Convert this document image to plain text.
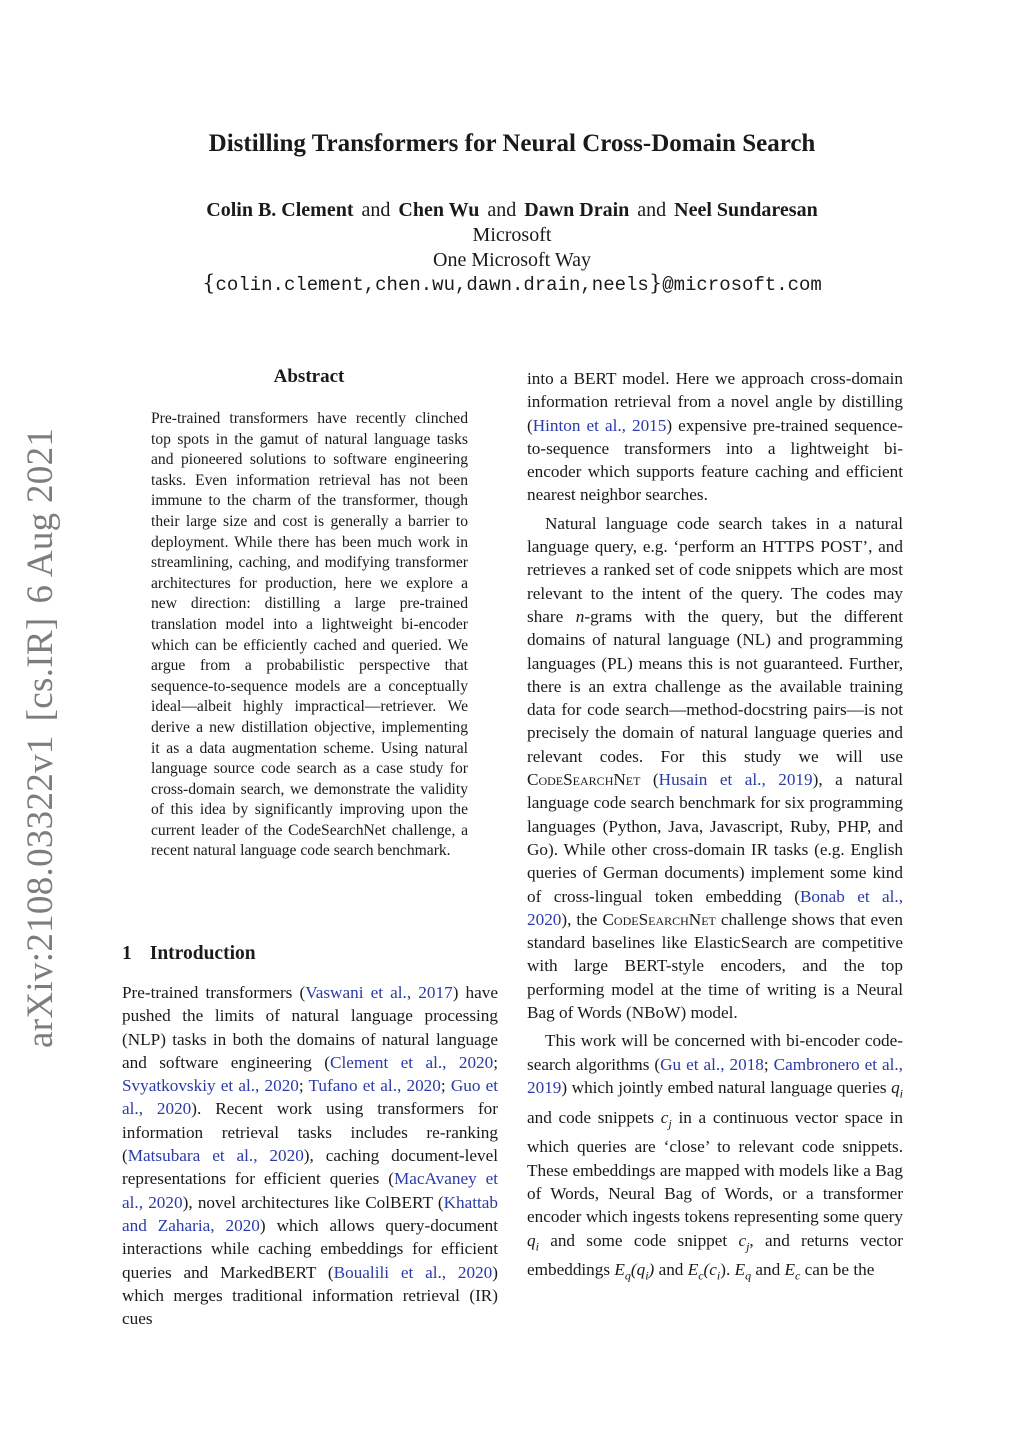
arXiv:2108.03322v1[cs.IR]6 Aug 2021
Distilling Transformers for Neural Cross-Domain Search
Colin B. Clement and Chen Wu and Dawn Drain and Neel Sundaresan
Microsoft
One Microsoft Way
{colin.clement,chen.wu,dawn.drain,neels}@microsoft.com
Abstract
Pre-trained transformers have recently clinched top spots in the gamut of natural language tasks and pioneered solutions to software engineering tasks. Even information retrieval has not been immune to the charm of the transformer, though their large size and cost is generally a barrier to deployment. While there has been much work in streamlining, caching, and modifying transformer architectures for production, here we explore a new direction: distilling a large pre-trained translation model into a lightweight bi-encoder which can be efficiently cached and queried. We argue from a probabilistic perspective that sequence-to-sequence models are a conceptually ideal—albeit highly impractical—retriever. We derive a new distillation objective, implementing it as a data augmentation scheme. Using natural language source code search as a case study for cross-domain search, we demonstrate the validity of this idea by significantly improving upon the current leader of the CodeSearchNet challenge, a recent natural language code search benchmark.
1 Introduction

Pre-trained transformers (Vaswani et al., 2017) have pushed the limits of natural language processing (NLP) tasks in both the domains of natural language and software engineering (Clement et al., 2020; Svyatkovskiy et al., 2020; Tufano et al., 2020; Guo et al., 2020). Recent work using transformers for information retrieval tasks includes re-ranking (Matsubara et al., 2020), caching document-level representations for efficient queries (MacAvaney et al., 2020), novel architectures like ColBERT (Khattab and Zaharia, 2020) which allows query-document interactions while caching embeddings for efficient queries and MarkedBERT (Boualili et al., 2020) which merges traditional information retrieval (IR) cues

into a BERT model. Here we approach cross-domain information retrieval from a novel angle by distilling (Hinton et al., 2015) expensive pre-trained sequence-to-sequence transformers into a lightweight bi-encoder which supports feature caching and efficient nearest neighbor searches.

Natural language code search takes in a natural language query, e.g. ‘perform an HTTPS POST’, and retrieves a ranked set of code snippets which are most relevant to the intent of the query. The codes may share n-grams with the query, but the different domains of natural language (NL) and programming languages (PL) means this is not guaranteed. Further, there is an extra challenge as the available training data for code search—method-docstring pairs—is not precisely the domain of natural language queries and relevant codes. For this study we will use CodeSearchNet (Husain et al., 2019), a natural language code search benchmark for six programming languages (Python, Java, Javascript, Ruby, PHP, and Go). While other cross-domain IR tasks (e.g. English queries of German documents) implement some kind of cross-lingual token embedding (Bonab et al., 2020), the CodeSearchNet challenge shows that even standard baselines like ElasticSearch are competitive with large BERT-style encoders, and the top performing model at the time of writing is a Neural Bag of Words (NBoW) model.

This work will be concerned with bi-encoder code-search algorithms (Gu et al., 2018; Cambronero et al., 2019) which jointly embed natural language queries $q_i$ and code snippets $c_j$ in a continuous vector space in which queries are ‘close’ to relevant code snippets. These embeddings are mapped with models like a Bag of Words, Neural Bag of Words, or a transformer encoder which ingests tokens representing some query $q_i$ and some code snippet $c_j$, and returns vector embeddings $E_q(q_i)$ and $E_c(c_i)$. $E_q$ and $E_c$ can be the
